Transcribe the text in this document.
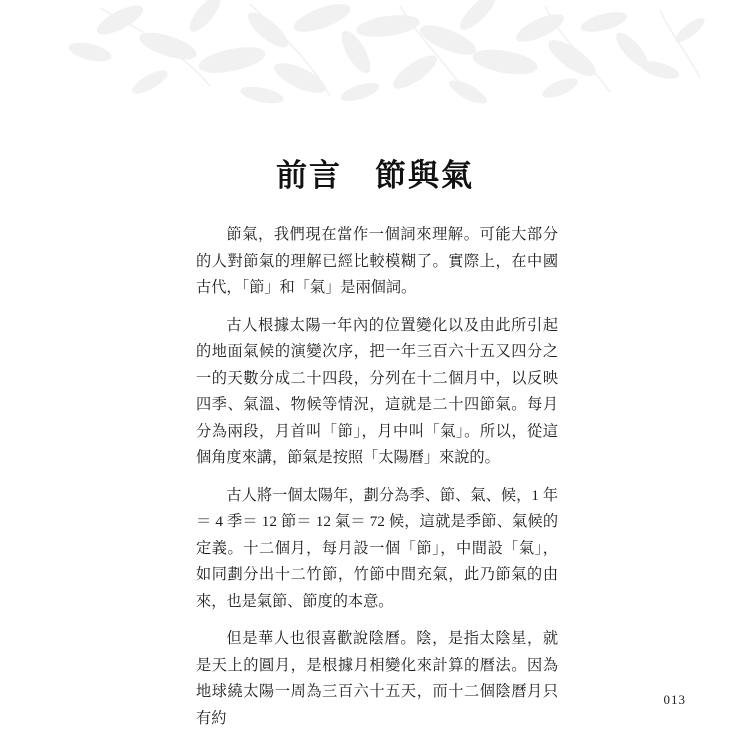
前言　節與氣

節氣，我們現在當作一個詞來理解。可能大部分的人對節氣的理解已經比較模糊了。實際上，在中國古代，「節」和「氣」是兩個詞。

古人根據太陽一年內的位置變化以及由此所引起的地面氣候的演變次序，把一年三百六十五又四分之一的天數分成二十四段，分列在十二個月中，以反映四季、氣溫、物候等情況，這就是二十四節氣。每月分為兩段，月首叫「節」，月中叫「氣」。所以，從這個角度來講，節氣是按照「太陽曆」來說的。

古人將一個太陽年，劃分為季、節、氣、候，1 年＝ 4 季＝ 12 節＝ 12 氣＝ 72 候，這就是季節、氣候的定義。十二個月，每月設一個「節」，中間設「氣」，如同劃分出十二竹節，竹節中間充氣，此乃節氣的由來，也是氣節、節度的本意。

但是華人也很喜歡說陰曆。陰，是指太陰星，就是天上的圓月，是根據月相變化來計算的曆法。因為地球繞太陽一周為三百六十五天，而十二個陰曆月只有約

013
